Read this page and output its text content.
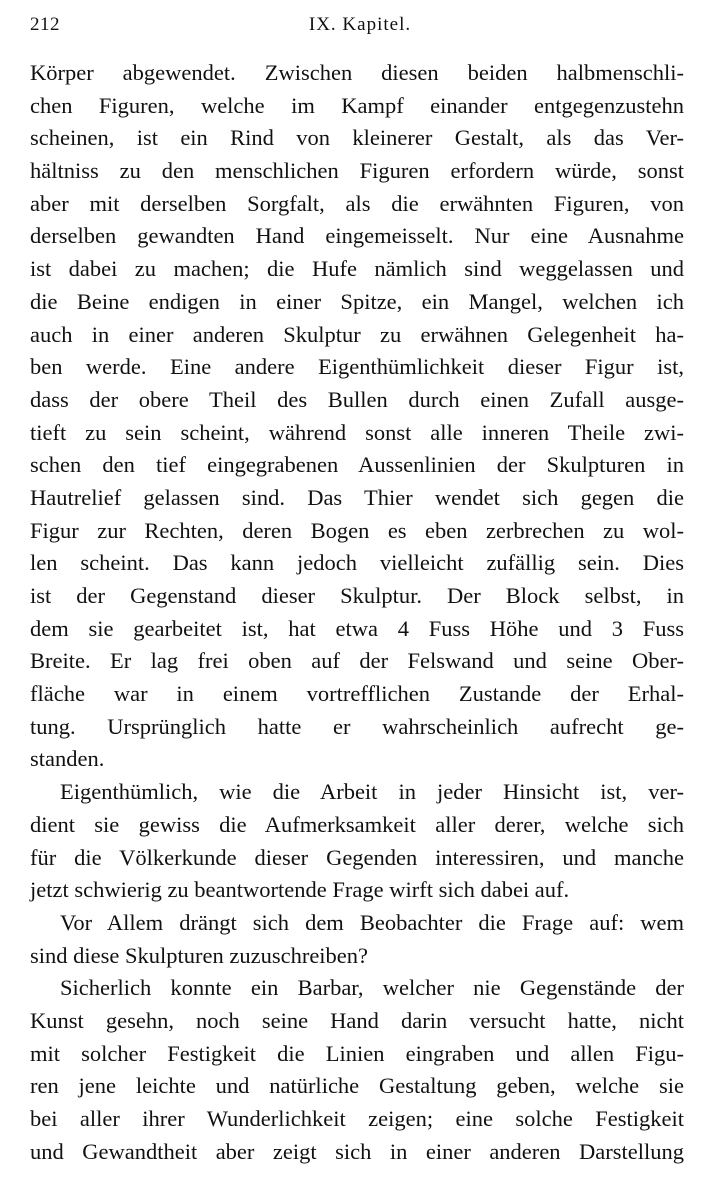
212	IX. Kapitel.
Körper abgewendet. Zwischen diesen beiden halbmenschli-
chen Figuren, welche im Kampf einander entgegenzustehn
scheinen, ist ein Rind von kleinerer Gestalt, als das Ver-
hältniss zu den menschlichen Figuren erfordern würde, sonst
aber mit derselben Sorgfalt, als die erwähnten Figuren, von
derselben gewandten Hand eingemeisselt. Nur eine Ausnahme
ist dabei zu machen; die Hufe nämlich sind weggelassen und
die Beine endigen in einer Spitze, ein Mangel, welchen ich
auch in einer anderen Skulptur zu erwähnen Gelegenheit ha-
ben werde. Eine andere Eigenthümlichkeit dieser Figur ist,
dass der obere Theil des Bullen durch einen Zufall ausge-
tieft zu sein scheint, während sonst alle inneren Theile zwi-
schen den tief eingegrabenen Aussenlinien der Skulpturen in
Hautrelief gelassen sind. Das Thier wendet sich gegen die
Figur zur Rechten, deren Bogen es eben zerbrechen zu wol-
len scheint. Das kann jedoch vielleicht zufällig sein. Dies
ist der Gegenstand dieser Skulptur. Der Block selbst, in
dem sie gearbeitet ist, hat etwa 4 Fuss Höhe und 3 Fuss
Breite. Er lag frei oben auf der Felswand und seine Ober-
fläche war in einem vortrefflichen Zustande der Erhal-
tung. Ursprünglich hatte er wahrscheinlich aufrecht ge-
standen.
Eigenthümlich, wie die Arbeit in jeder Hinsicht ist, ver-
dient sie gewiss die Aufmerksamkeit aller derer, welche sich
für die Völkerkunde dieser Gegenden interessiren, und manche
jetzt schwierig zu beantwortende Frage wirft sich dabei auf.
Vor Allem drängt sich dem Beobachter die Frage auf: wem
sind diese Skulpturen zuzuschreiben?
Sicherlich konnte ein Barbar, welcher nie Gegenstände der
Kunst gesehn, noch seine Hand darin versucht hatte, nicht
mit solcher Festigkeit die Linien eingraben und allen Figu-
ren jene leichte und natürliche Gestaltung geben, welche sie
bei aller ihrer Wunderlichkeit zeigen; eine solche Festigkeit
und Gewandtheit aber zeigt sich in einer anderen Darstellung
